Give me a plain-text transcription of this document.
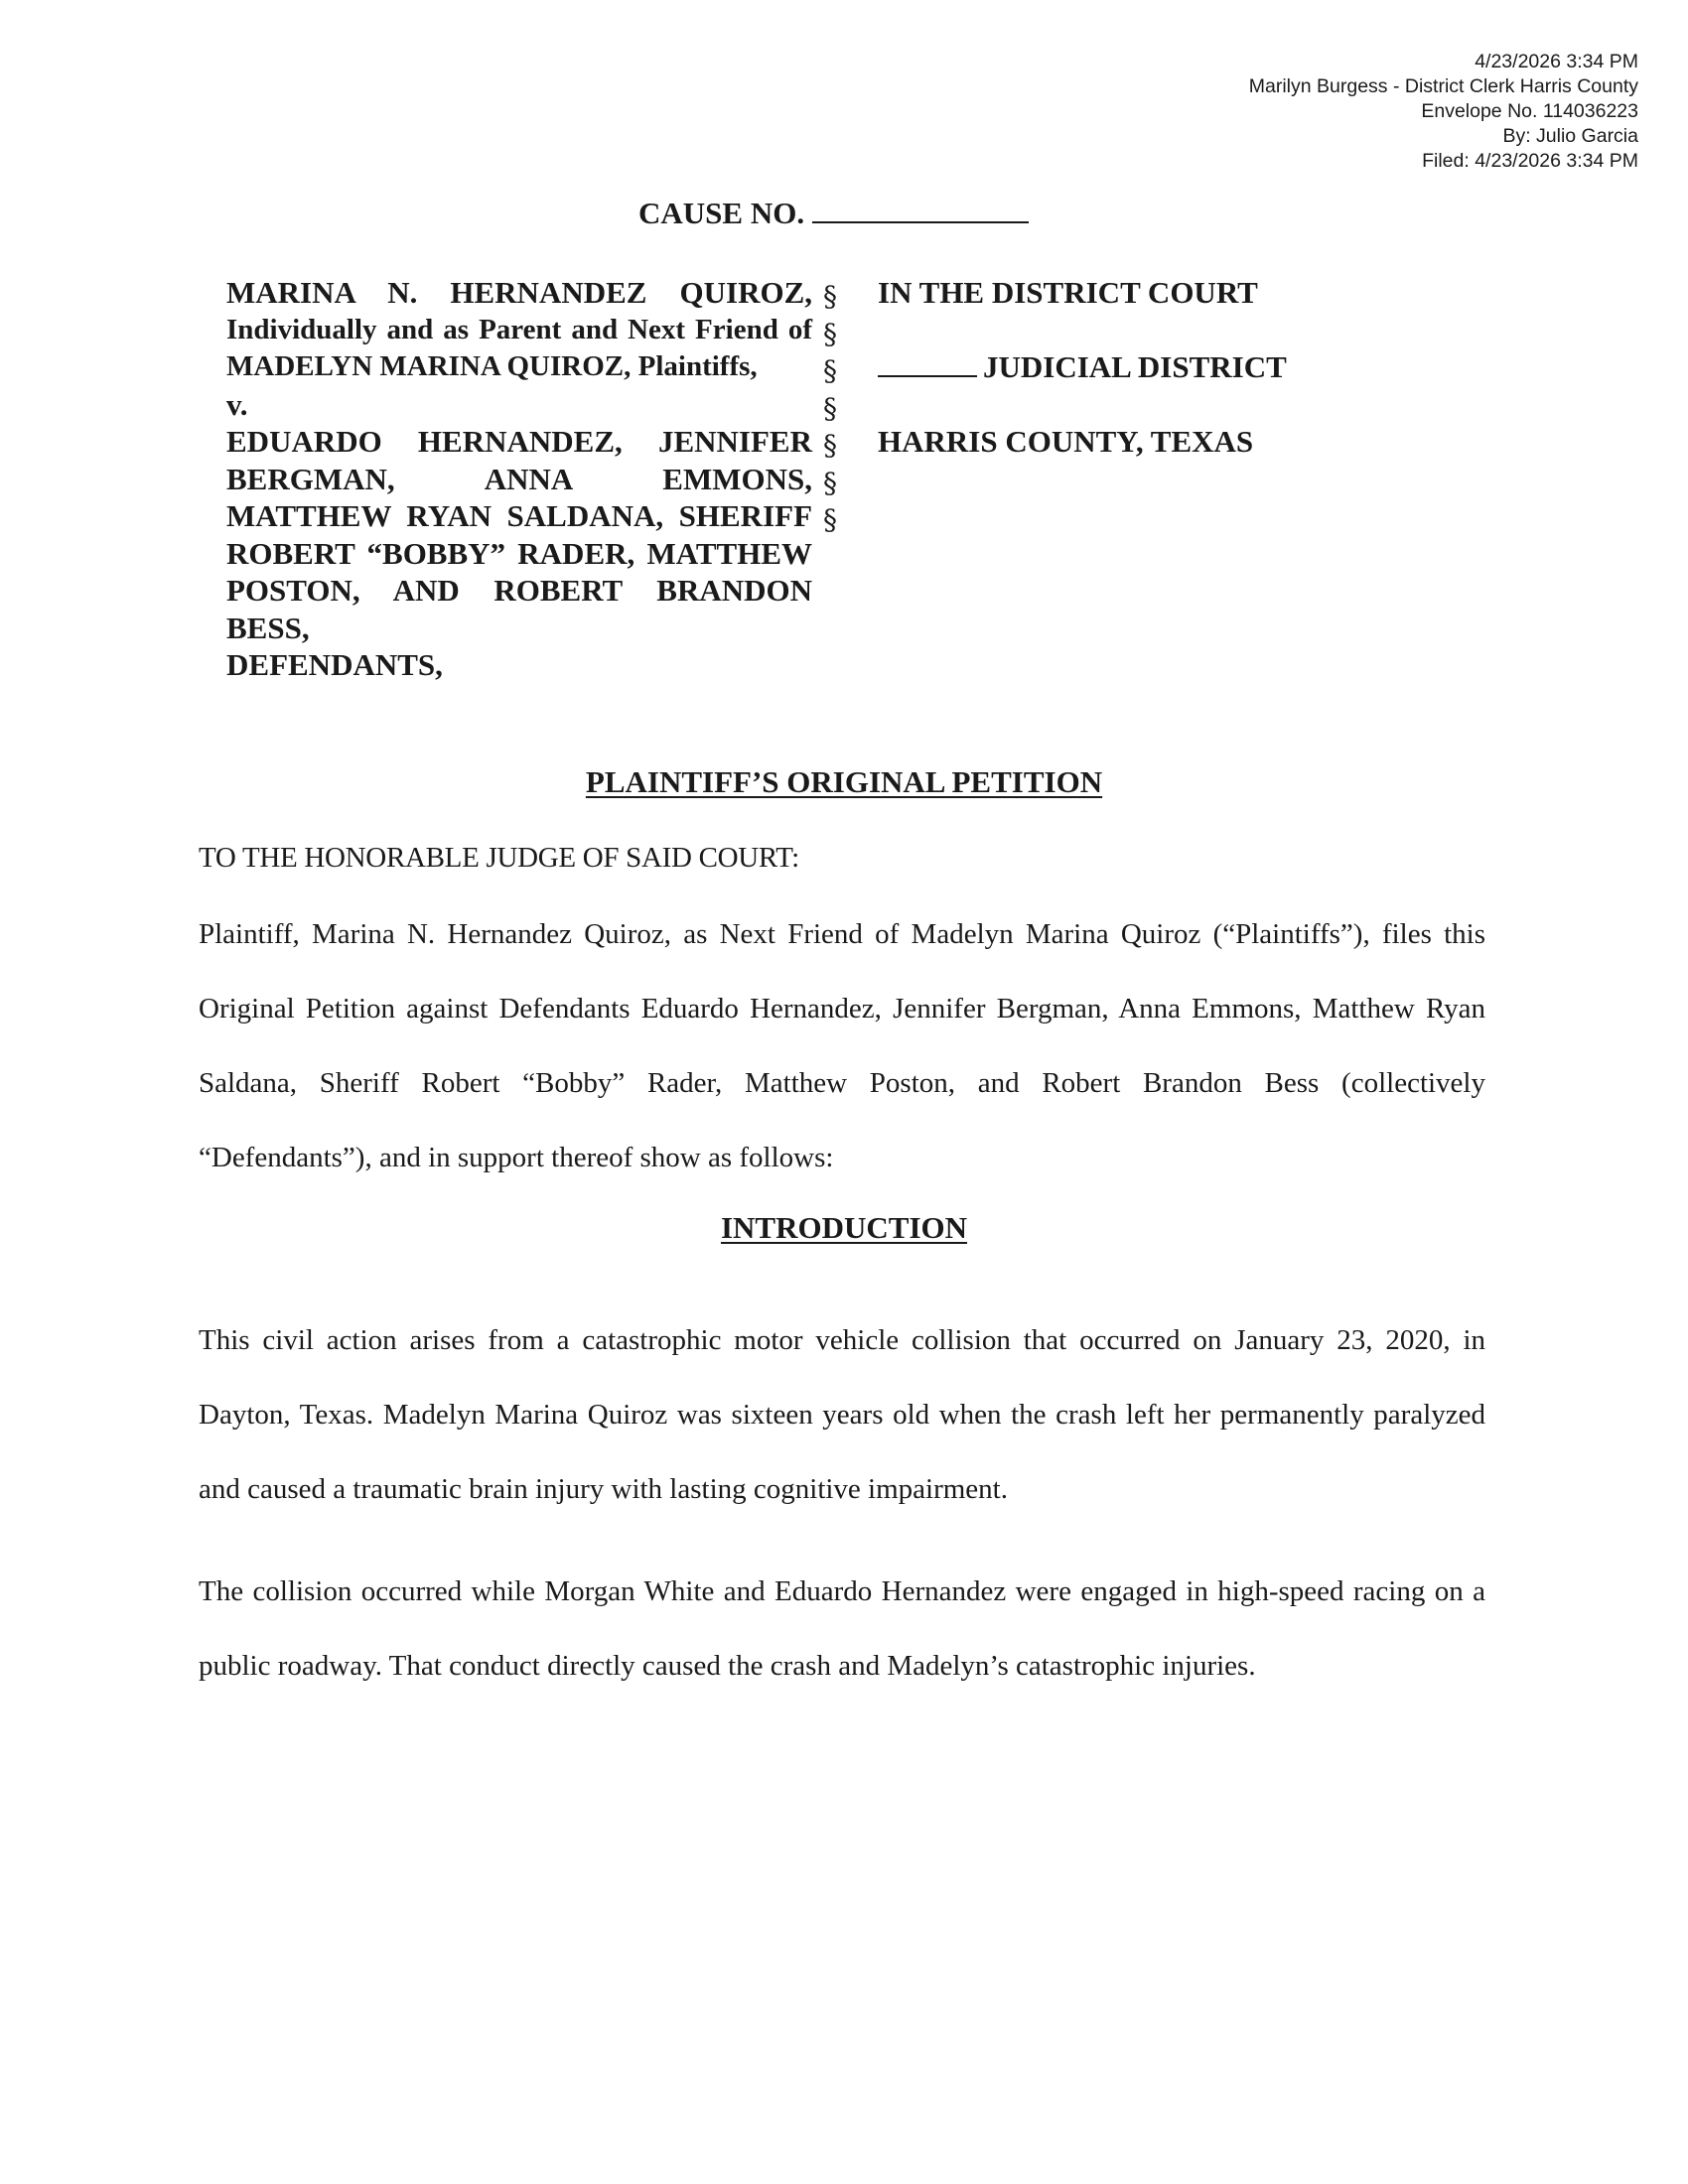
4/23/2026 3:34 PM
Marilyn Burgess - District Clerk Harris County
Envelope No. 114036223
By: Julio Garcia
Filed: 4/23/2026 3:34 PM
CAUSE NO.
MARINA N. HERNANDEZ QUIROZ,
Individually and as Parent and Next Friend of MADELYN MARINA QUIROZ, Plaintiffs,
v.
EDUARDO HERNANDEZ, JENNIFER BERGMAN, ANNA EMMONS, MATTHEW RYAN SALDANA, SHERIFF ROBERT “BOBBY” RADER, MATTHEW POSTON, AND ROBERT BRANDON BESS,
DEFENDANTS,
§
§
§
§
§
§
§
IN THE DISTRICT COURT
JUDICIAL DISTRICT
HARRIS COUNTY, TEXAS
PLAINTIFF’S ORIGINAL PETITION
TO THE HONORABLE JUDGE OF SAID COURT:
Plaintiff, Marina N. Hernandez Quiroz, as Next Friend of Madelyn Marina Quiroz (“Plaintiffs”), files this Original Petition against Defendants Eduardo Hernandez, Jennifer Bergman, Anna Emmons, Matthew Ryan Saldana, Sheriff Robert “Bobby” Rader, Matthew Poston, and Robert Brandon Bess (collectively “Defendants”), and in support thereof show as follows:
INTRODUCTION
This civil action arises from a catastrophic motor vehicle collision that occurred on January 23, 2020, in Dayton, Texas. Madelyn Marina Quiroz was sixteen years old when the crash left her permanently paralyzed and caused a traumatic brain injury with lasting cognitive impairment.
The collision occurred while Morgan White and Eduardo Hernandez were engaged in high-speed racing on a public roadway. That conduct directly caused the crash and Madelyn’s catastrophic injuries.
